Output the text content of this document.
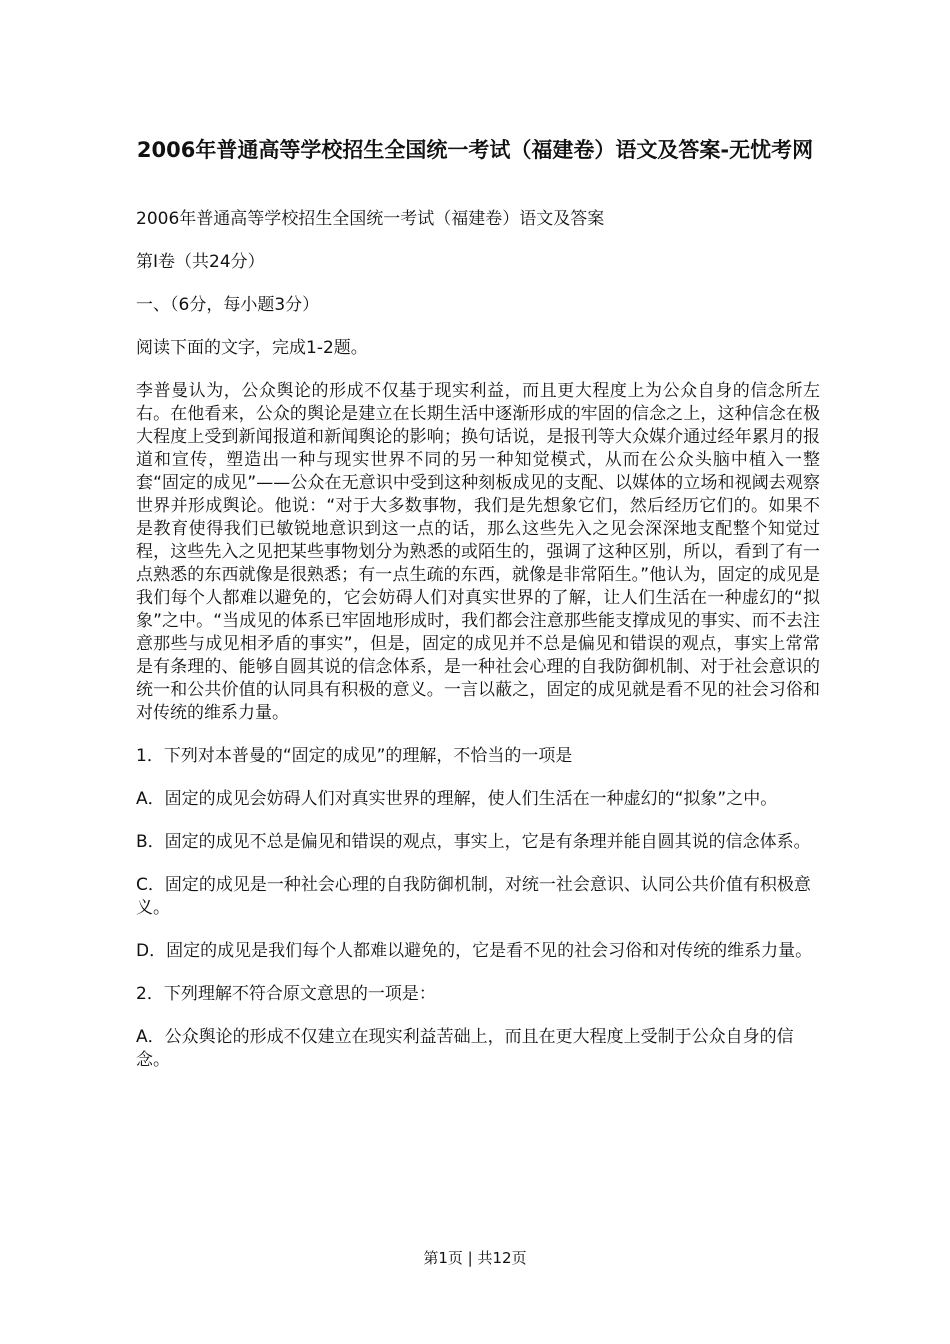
2006年普通高等学校招生全国统一考试（福建卷）语文及答案-无忧考网

2006年普通高等学校招生全国统一考试（福建卷）语文及答案

第I卷（共24分）

一、（6分，每小题3分）

阅读下面的文字，完成1-2题。

李普曼认为，公众舆论的形成不仅基于现实利益，而且更大程度上为公众自身的信念所左右。在他看来，公众的舆论是建立在长期生活中逐渐形成的牢固的信念之上，这种信念在极大程度上受到新闻报道和新闻舆论的影响；换句话说，是报刊等大众媒介通过经年累月的报道和宣传，塑造出一种与现实世界不同的另一种知觉模式，从而在公众头脑中植入一整套“固定的成见”——公众在无意识中受到这种刻板成见的支配、以媒体的立场和视阈去观察世界并形成舆论。他说：“对于大多数事物，我们是先想象它们，然后经历它们的。如果不是教育使得我们已敏锐地意识到这一点的话，那么这些先入之见会深深地支配整个知觉过程，这些先入之见把某些事物划分为熟悉的或陌生的，强调了这种区别，所以，看到了有一点熟悉的东西就像是很熟悉；有一点生疏的东西，就像是非常陌生。”他认为，固定的成见是我们每个人都难以避免的，它会妨碍人们对真实世界的了解，让人们生活在一种虚幻的“拟象”之中。“当成见的体系已牢固地形成时，我们都会注意那些能支撑成见的事实、而不去注意那些与成见相矛盾的事实”，但是，固定的成见并不总是偏见和错误的观点，事实上常常是有条理的、能够自圆其说的信念体系，是一种社会心理的自我防御机制、对于社会意识的统一和公共价值的认同具有积极的意义。一言以蔽之，固定的成见就是看不见的社会习俗和对传统的维系力量。

1．下列对本普曼的“固定的成见”的理解，不恰当的一项是

A．固定的成见会妨碍人们对真实世界的理解，使人们生活在一种虚幻的“拟象”之中。

B．固定的成见不总是偏见和错误的观点，事实上，它是有条理并能自圆其说的信念体系。

C．固定的成见是一种社会心理的自我防御机制，对统一社会意识、认同公共价值有积极意义。

D．固定的成见是我们每个人都难以避免的，它是看不见的社会习俗和对传统的维系力量。

2．下列理解不符合原文意思的一项是：

A．公众舆论的形成不仅建立在现实利益苦础上，而且在更大程度上受制于公众自身的信念。

第1页 | 共12页
